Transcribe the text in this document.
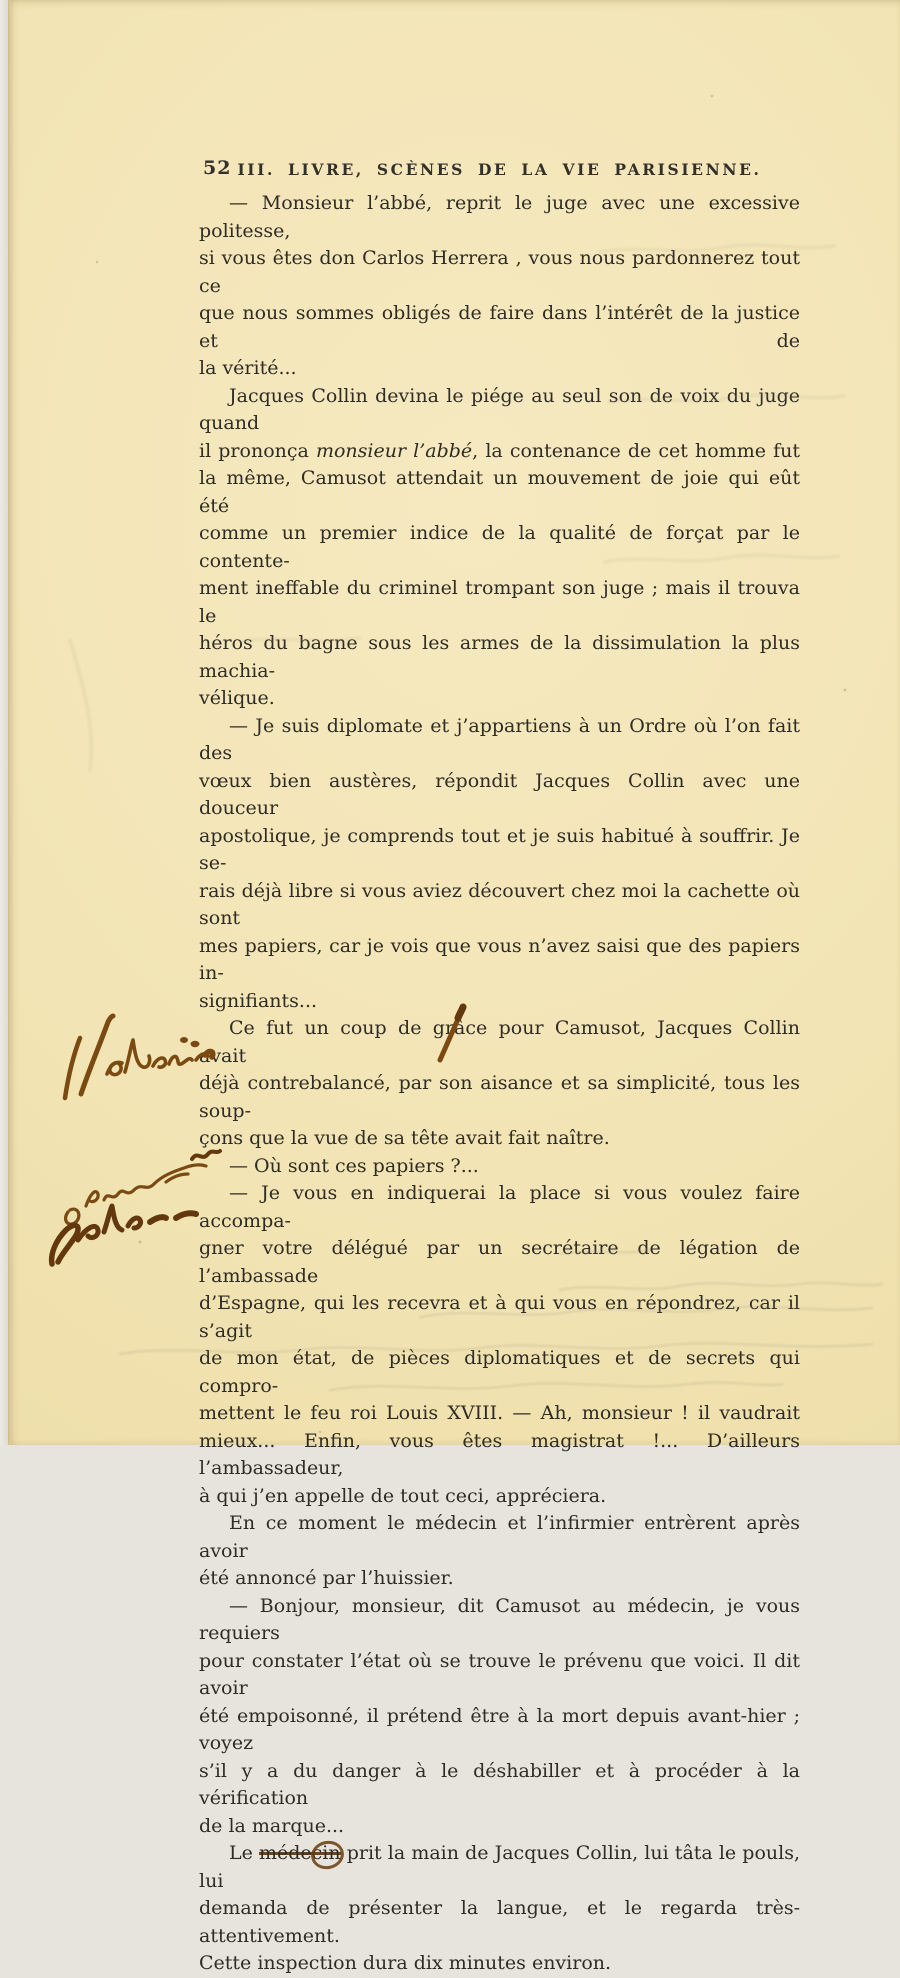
52 III. LIVRE, SCÈNES DE LA VIE PARISIENNE.
— Monsieur l’abbé, reprit le juge avec une excessive politesse,
si vous êtes don Carlos Herrera , vous nous pardonnerez tout ce
que nous sommes obligés de faire dans l’intérêt de la justice et de
la vérité...
Jacques Collin devina le piége au seul son de voix du juge quand
il prononça monsieur l’abbé, la contenance de cet homme fut
la même, Camusot attendait un mouvement de joie qui eût été
comme un premier indice de la qualité de forçat par le contente-
ment ineffable du criminel trompant son juge ; mais il trouva le
héros du bagne sous les armes de la dissimulation la plus machia-
vélique.
— Je suis diplomate et j’appartiens à un Ordre où l’on fait des
vœux bien austères, répondit Jacques Collin avec une douceur
apostolique, je comprends tout et je suis habitué à souffrir. Je se-
rais déjà libre si vous aviez découvert chez moi la cachette où sont
mes papiers, car je vois que vous n’avez saisi que des papiers in-
signifiants...
Ce fut un coup de grâce pour Camusot, Jacques Collin avait
déjà contrebalancé, par son aisance et sa simplicité, tous les soup-
çons que la vue de sa tête avait fait naître.
— Où sont ces papiers ?...
— Je vous en indiquerai la place si vous voulez faire accompa-
gner votre délégué par un secrétaire de légation de l’ambassade
d’Espagne, qui les recevra et à qui vous en répondrez, car il s’agit
de mon état, de pièces diplomatiques et de secrets qui compro-
mettent le feu roi Louis XVIII. — Ah, monsieur ! il vaudrait
mieux... Enfin, vous êtes magistrat !... D’ailleurs l’ambassadeur,
à qui j’en appelle de tout ceci, appréciera.
En ce moment le médecin et l’infirmier entrèrent après avoir
été annoncé par l’huissier.
— Bonjour, monsieur, dit Camusot au médecin, je vous requiers
pour constater l’état où se trouve le prévenu que voici. Il dit avoir
été empoisonné, il prétend être à la mort depuis avant-hier ; voyez
s’il y a du danger à le déshabiller et à procéder à la vérification
de la marque...
Le médecin prit la main de Jacques Collin, lui tâta le pouls, lui
demanda de présenter la langue, et le regarda très-attentivement.
Cette inspection dura dix minutes environ.
